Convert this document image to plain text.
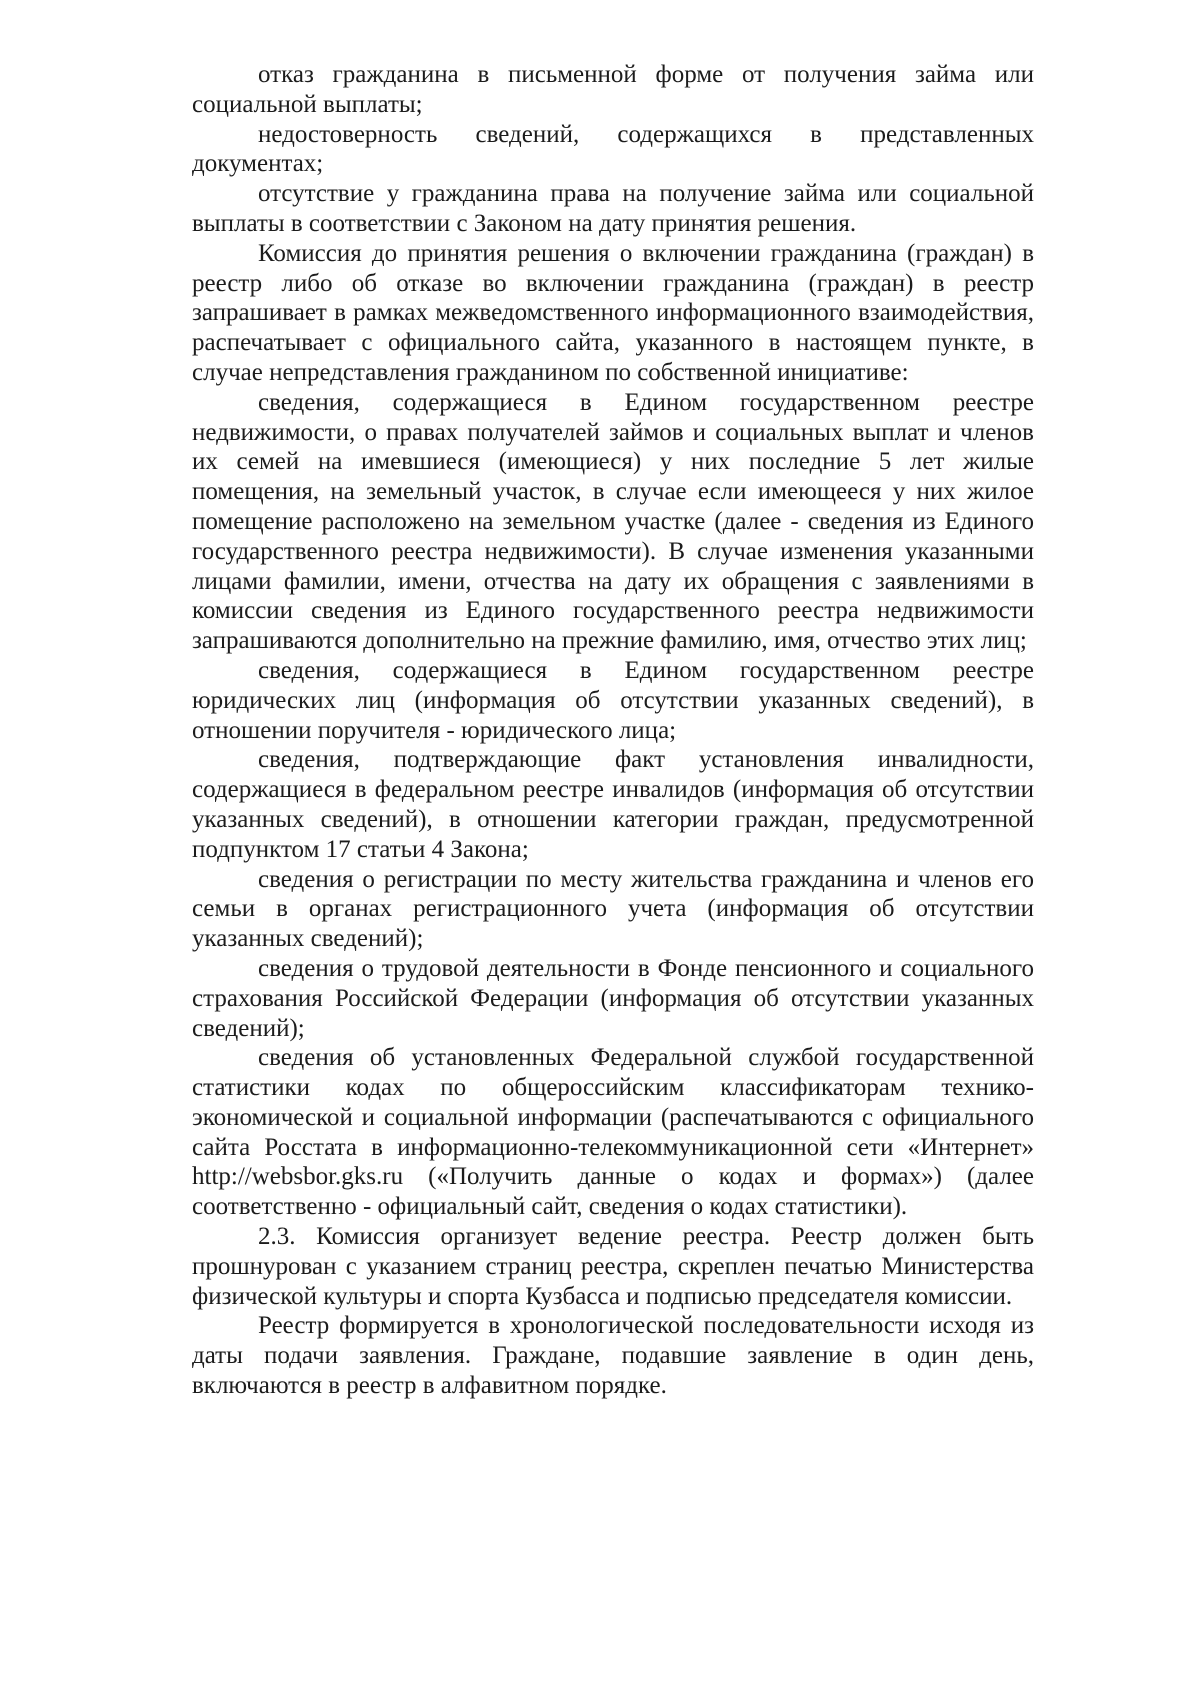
отказ гражданина в письменной форме от получения займа или социальной выплаты;

недостоверность сведений, содержащихся в представленных документах;

отсутствие у гражданина права на получение займа или социальной выплаты в соответствии с Законом на дату принятия решения.

Комиссия до принятия решения о включении гражданина (граждан) в реестр либо об отказе во включении гражданина (граждан) в реестр запрашивает в рамках межведомственного информационного взаимодействия, распечатывает с официального сайта, указанного в настоящем пункте, в случае непредставления гражданином по собственной инициативе:

сведения, содержащиеся в Едином государственном реестре недвижимости, о правах получателей займов и социальных выплат и членов их семей на имевшиеся (имеющиеся) у них последние 5 лет жилые помещения, на земельный участок, в случае если имеющееся у них жилое помещение расположено на земельном участке (далее - сведения из Единого государственного реестра недвижимости). В случае изменения указанными лицами фамилии, имени, отчества на дату их обращения с заявлениями в комиссии сведения из Единого государственного реестра недвижимости запрашиваются дополнительно на прежние фамилию, имя, отчество этих лиц;

сведения, содержащиеся в Едином государственном реестре юридических лиц (информация об отсутствии указанных сведений), в отношении поручителя - юридического лица;

сведения, подтверждающие факт установления инвалидности, содержащиеся в федеральном реестре инвалидов (информация об отсутствии указанных сведений), в отношении категории граждан, предусмотренной подпунктом 17 статьи 4 Закона;

сведения о регистрации по месту жительства гражданина и членов его семьи в органах регистрационного учета (информация об отсутствии указанных сведений);

сведения о трудовой деятельности в Фонде пенсионного и социального страхования Российской Федерации (информация об отсутствии указанных сведений);

сведения об установленных Федеральной службой государственной статистики кодах по общероссийским классификаторам технико-экономической и социальной информации (распечатываются с официального сайта Росстата в информационно-телекоммуникационной сети «Интернет» http://websbor.gks.ru («Получить данные о кодах и формах») (далее соответственно - официальный сайт, сведения о кодах статистики).

2.3. Комиссия организует ведение реестра. Реестр должен быть прошнурован с указанием страниц реестра, скреплен печатью Министерства физической культуры и спорта Кузбасса и подписью председателя комиссии.

Реестр формируется в хронологической последовательности исходя из даты подачи заявления. Граждане, подавшие заявление в один день, включаются в реестр в алфавитном порядке.
